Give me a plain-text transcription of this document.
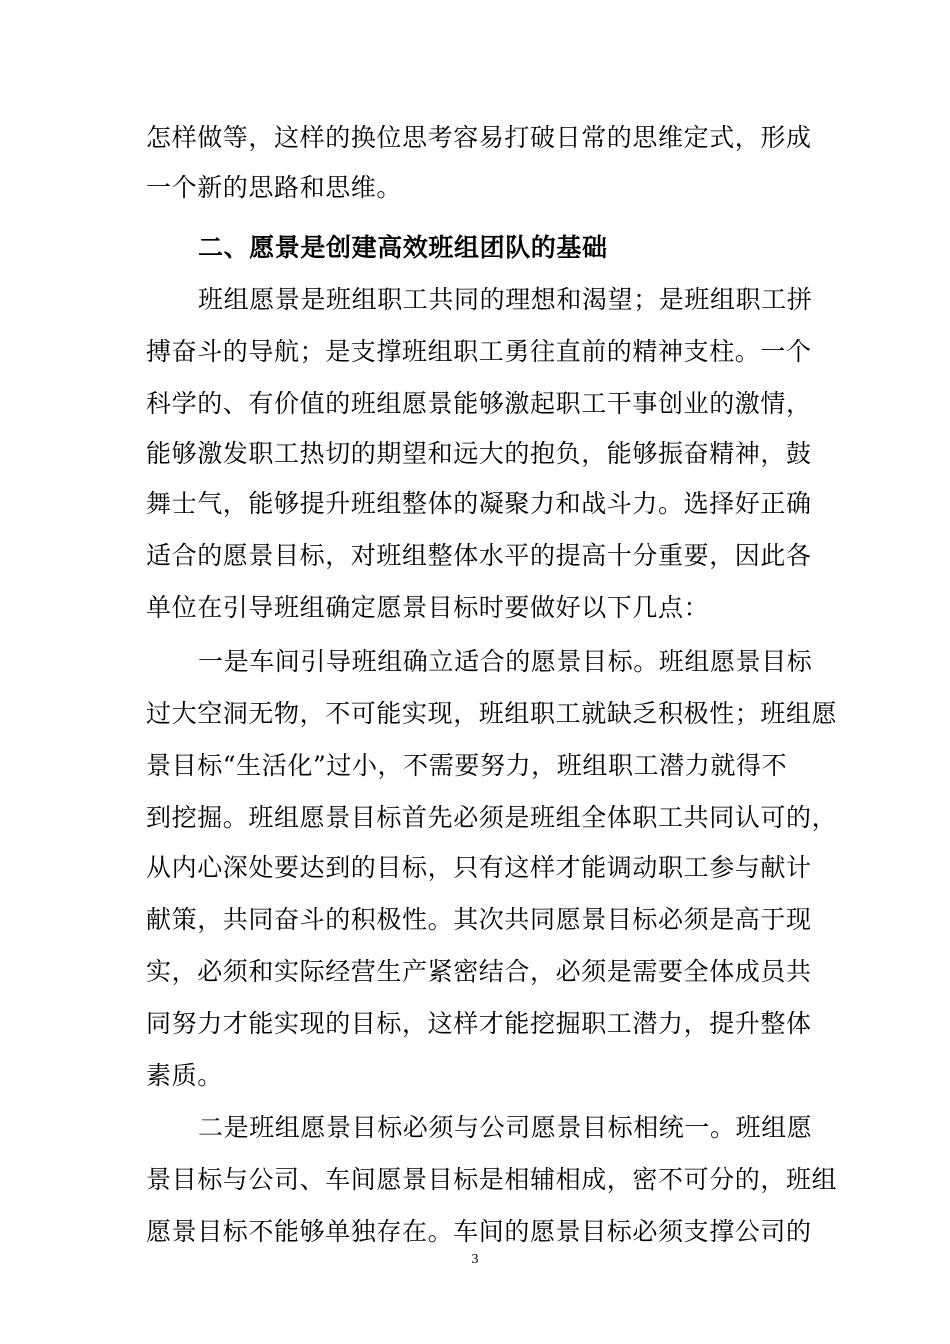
怎样做等，这样的换位思考容易打破日常的思维定式，形成
一个新的思路和思维。
二、愿景是创建高效班组团队的基础
班组愿景是班组职工共同的理想和渴望；是班组职工拼
搏奋斗的导航；是支撑班组职工勇往直前的精神支柱。一个
科学的、有价值的班组愿景能够激起职工干事创业的激情，
能够激发职工热切的期望和远大的抱负，能够振奋精神，鼓
舞士气，能够提升班组整体的凝聚力和战斗力。选择好正确
适合的愿景目标，对班组整体水平的提高十分重要，因此各
单位在引导班组确定愿景目标时要做好以下几点：
一是车间引导班组确立适合的愿景目标。班组愿景目标
过大空洞无物，不可能实现，班组职工就缺乏积极性；班组愿
景目标“生活化”过小，不需要努力，班组职工潜力就得不
到挖掘。班组愿景目标首先必须是班组全体职工共同认可的，
从内心深处要达到的目标，只有这样才能调动职工参与献计
献策，共同奋斗的积极性。其次共同愿景目标必须是高于现
实，必须和实际经营生产紧密结合，必须是需要全体成员共
同努力才能实现的目标，这样才能挖掘职工潜力，提升整体
素质。
二是班组愿景目标必须与公司愿景目标相统一。班组愿
景目标与公司、车间愿景目标是相辅相成，密不可分的，班组
愿景目标不能够单独存在。车间的愿景目标必须支撑公司的
3
